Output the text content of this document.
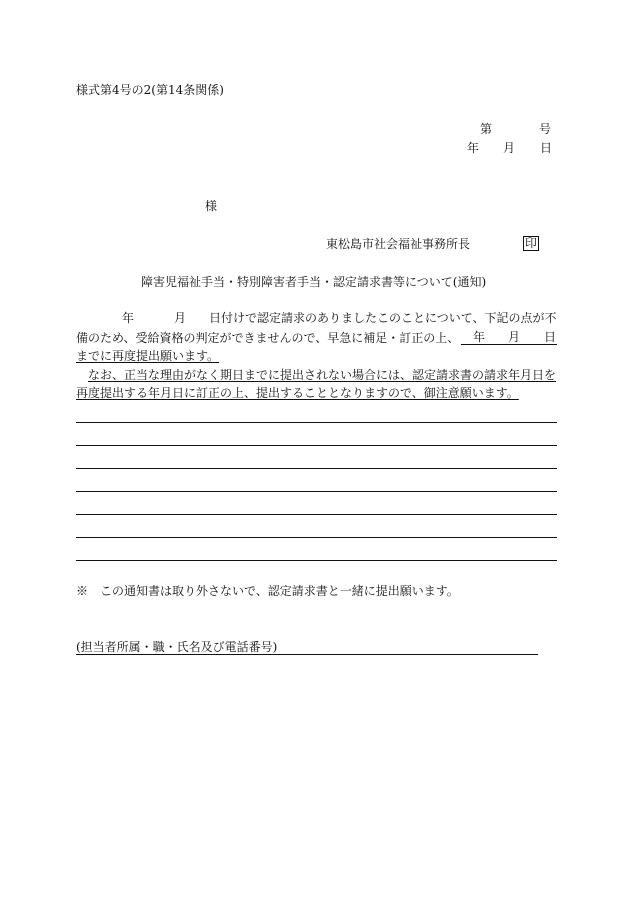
様式第4号の2(第14条関係)
第	号
年 月 日
様
東松島市社会福祉事務所長	印
障害児福祉手当・特別障害者手当・認定請求書等について(通知)
年	月 日付けで認定請求のありましたこのことについて、下記の点が不
備のため、受給資格の判定ができませんので、早急に補足・訂正の上、 年 月 日
までに再度提出願います。
なお、正当な理由がなく期日までに提出されない場合には、認定請求書の請求年月日を
再度提出する年月日に訂正の上、提出することとなりますので、御注意願います。
※　この通知書は取り外さないで、認定請求書と一緒に提出願います。
(担当者所属・職・氏名及び電話番号)
